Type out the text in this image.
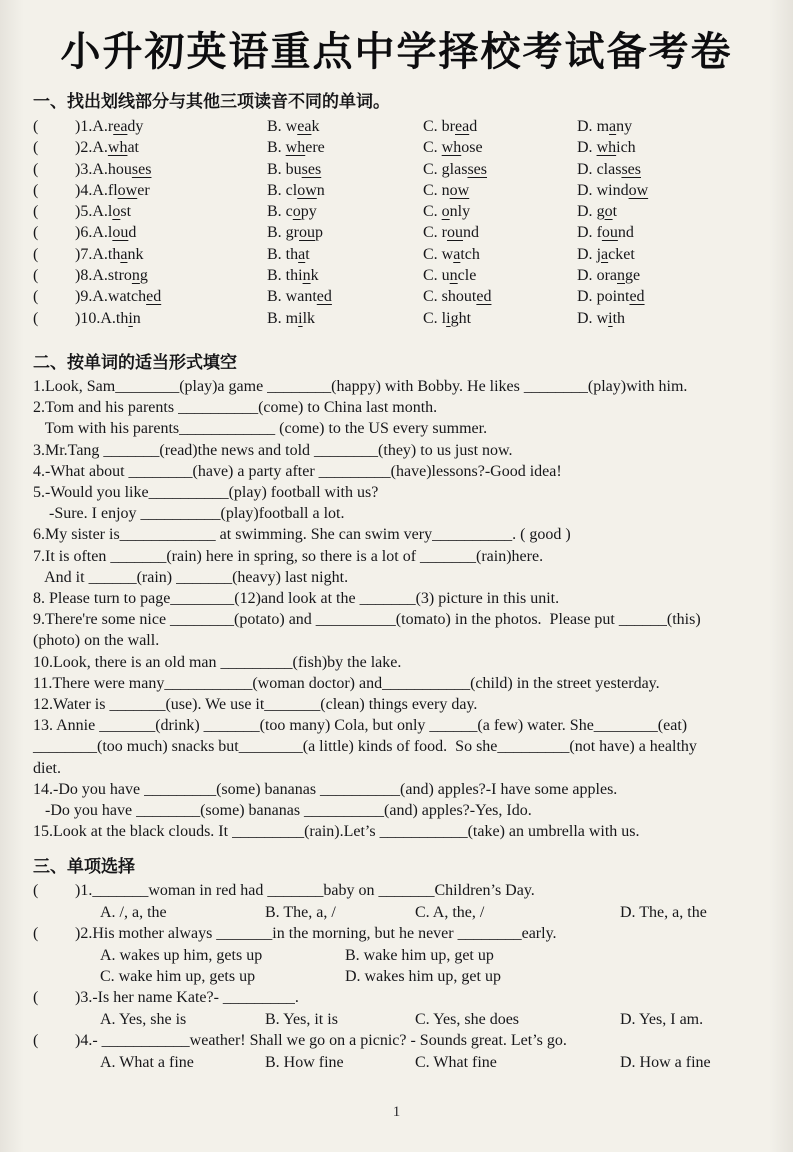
小升初英语重点中学择校考试备考卷
一、找出划线部分与其他三项读音不同的单词。
(	)1.A.ready	B. weak	C. bread	D. many
(	)2.A.what	B. where	C. whose	D. which
(	)3.A.houses	B. buses	C. glasses	D. classes
(	)4.A.flower	B. clown	C. now	D. window
(	)5.A.lost	B. copy	C. only	D. got
(	)6.A.loud	B. group	C. round	D. found
(	)7.A.thank	B. that	C. watch	D. jacket
(	)8.A.strong	B. think	C. uncle	D. orange
(	)9.A.watched	B. wanted	C. shouted	D. pointed
(	)10.A.thin	B. milk	C. light	D. with
二、按单词的适当形式填空
1.Look, Sam________(play)a game ________(happy) with Bobby. He likes ________(play)with him.
2.Tom and his parents __________(come) to China last month.
Tom with his parents____________ (come) to the US every summer.
3.Mr.Tang _______(read)the news and told ________(they) to us just now.
4.-What about ________(have) a party after _________(have)lessons?-Good idea!
5.-Would you like__________(play) football with us?
-Sure. I enjoy __________(play)football a lot.
6.My sister is____________ at swimming. She can swim very__________. ( good )
7.It is often _______(rain) here in spring, so there is a lot of _______(rain)here.
And it ______(rain) _______(heavy) last night.
8. Please turn to page________(12)and look at the _______(3) picture in this unit.
9.There're some nice ________(potato) and __________(tomato) in the photos.  Please put ______(this)
(photo) on the wall.
10.Look, there is an old man _________(fish)by the lake.
11.There were many___________(woman doctor) and___________(child) in the street yesterday.
12.Water is _______(use). We use it_______(clean) things every day.
13. Annie _______(drink) _______(too many) Cola, but only ______(a few) water. She________(eat)
________(too much) snacks but________(a little) kinds of food.  So she_________(not have) a healthy
diet.
14.-Do you have _________(some) bananas __________(and) apples?-I have some apples.
-Do you have ________(some) bananas __________(and) apples?-Yes, Ido.
15.Look at the black clouds. It _________(rain).Let’s ___________(take) an umbrella with us.
三、单项选择
(	)1._______woman in red had _______baby on _______Children’s Day.
A. /, a, the	B. The, a, /	C. A, the, /	D. The, a, the
(	)2.His mother always _______in the morning, but he never ________early.
A. wakes up him, gets up	B. wake him up, get up
C. wake him up, gets up	D. wakes him up, get up
(	)3.-Is her name Kate?- _________.
A. Yes, she is	B. Yes, it is	C. Yes, she does	D. Yes, I am.
(	)4.- ___________weather! Shall we go on a picnic? - Sounds great. Let’s go.
A. What a fine	B. How fine	C. What fine	D. How a fine
1
